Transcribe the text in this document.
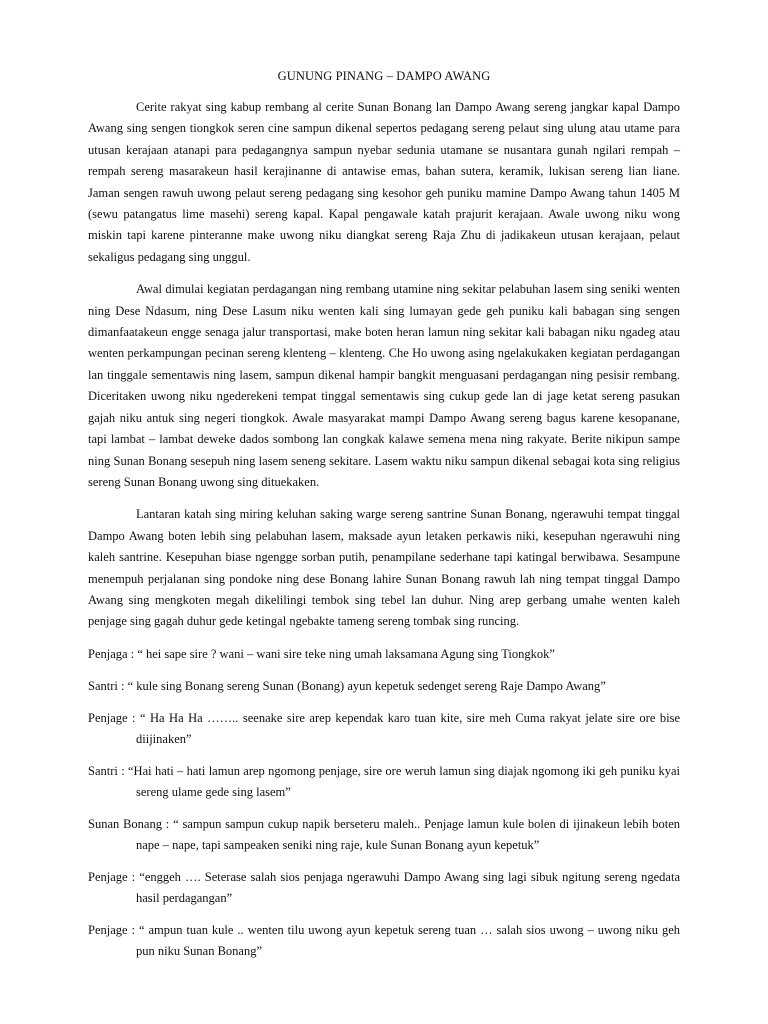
GUNUNG PINANG – DAMPO AWANG

Cerite rakyat sing kabup rembang al cerite Sunan Bonang lan Dampo Awang sereng jangkar kapal Dampo Awang sing sengen tiongkok seren cine sampun dikenal sepertos pedagang sereng pelaut sing ulung atau utame para utusan kerajaan atanapi para pedagangnya sampun nyebar sedunia utamane se nusantara gunah ngilari rempah – rempah sereng masarakeun hasil kerajinanne di antawise emas, bahan sutera, keramik, lukisan sereng lian liane. Jaman sengen rawuh uwong pelaut sereng pedagang sing kesohor geh puniku mamine Dampo Awang tahun 1405 M (sewu patangatus lime masehi) sereng kapal. Kapal pengawale katah prajurit kerajaan. Awale uwong niku wong miskin tapi karene pinteranne make uwong niku diangkat sereng Raja Zhu di jadikakeun utusan kerajaan, pelaut sekaligus pedagang sing unggul.

Awal dimulai kegiatan perdagangan ning rembang utamine ning sekitar pelabuhan lasem sing seniki wenten ning Dese Ndasum, ning Dese Lasum niku wenten kali sing lumayan gede geh puniku kali babagan sing sengen dimanfaatakeun engge senaga jalur transportasi, make boten heran lamun ning sekitar kali babagan niku ngadeg atau wenten perkampungan pecinan sereng klenteng – klenteng. Che Ho uwong asing ngelakukaken kegiatan perdagangan lan tinggale sementawis ning lasem, sampun dikenal hampir bangkit menguasani perdagangan ning pesisir rembang. Diceritaken uwong niku ngederekeni tempat tinggal sementawis sing cukup gede lan di jage ketat sereng pasukan gajah niku antuk sing negeri tiongkok. Awale masyarakat mampi Dampo Awang sereng bagus karene kesopanane, tapi lambat – lambat deweke dados sombong lan congkak kalawe semena mena ning rakyate. Berite nikipun sampe ning Sunan Bonang sesepuh ning lasem seneng sekitare. Lasem waktu niku sampun dikenal sebagai kota sing religius sereng Sunan Bonang uwong sing dituekaken.

Lantaran katah sing miring keluhan saking warge sereng santrine Sunan Bonang, ngerawuhi tempat tinggal Dampo Awang boten lebih sing pelabuhan lasem, maksade ayun letaken perkawis niki, kesepuhan ngerawuhi ning kaleh santrine. Kesepuhan biase ngengge sorban putih, penampilane sederhane tapi katingal berwibawa. Sesampune menempuh perjalanan sing pondoke ning dese Bonang lahire Sunan Bonang rawuh lah ning tempat tinggal Dampo Awang sing mengkoten megah dikelilingi tembok sing tebel lan duhur. Ning arep gerbang umahe wenten kaleh penjage sing gagah duhur gede ketingal ngebakte tameng sereng tombak sing runcing.

Penjaga : “ hei sape sire ? wani – wani sire teke ning umah laksamana Agung sing Tiongkok”

Santri : “ kule sing Bonang sereng Sunan (Bonang) ayun kepetuk sedenget sereng Raje Dampo Awang”

Penjage : “ Ha Ha Ha …….. seenake sire arep kependak karo tuan kite, sire meh Cuma rakyat jelate sire ore bise diijinaken”

Santri : “Hai hati – hati lamun arep ngomong penjage, sire ore weruh lamun sing diajak ngomong iki geh puniku kyai sereng ulame gede sing lasem”

Sunan Bonang : “ sampun sampun cukup napik berseteru maleh.. Penjage lamun kule bolen di ijinakeun lebih boten nape – nape, tapi sampeaken seniki ning raje, kule Sunan Bonang ayun kepetuk”

Penjage : “enggeh …. Seterase salah sios penjaga ngerawuhi Dampo Awang sing lagi sibuk ngitung sereng ngedata hasil perdagangan”

Penjage : “ ampun tuan kule .. wenten tilu uwong ayun kepetuk sereng tuan … salah sios uwong – uwong niku geh pun niku Sunan Bonang”
